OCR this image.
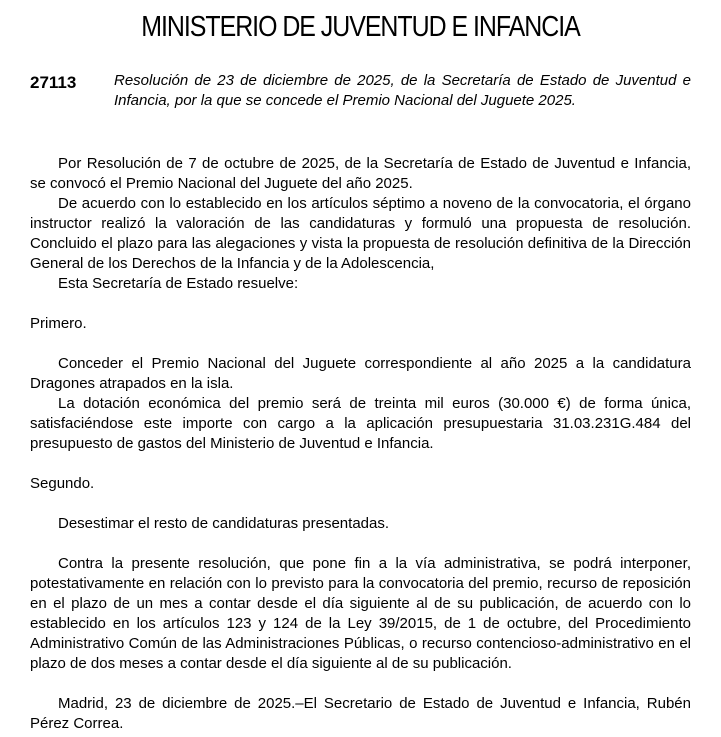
MINISTERIO DE JUVENTUD E INFANCIA
27113	Resolución de 23 de diciembre de 2025, de la Secretaría de Estado de Juventud e Infancia, por la que se concede el Premio Nacional del Juguete 2025.

Por Resolución de 7 de octubre de 2025, de la Secretaría de Estado de Juventud e Infancia, se convocó el Premio Nacional del Juguete del año 2025.

De acuerdo con lo establecido en los artículos séptimo a noveno de la convocatoria, el órgano instructor realizó la valoración de las candidaturas y formuló una propuesta de resolución. Concluido el plazo para las alegaciones y vista la propuesta de resolución definitiva de la Dirección General de los Derechos de la Infancia y de la Adolescencia,

Esta Secretaría de Estado resuelve:

Primero.

Conceder el Premio Nacional del Juguete correspondiente al año 2025 a la candidatura Dragones atrapados en la isla.

La dotación económica del premio será de treinta mil euros (30.000 €) de forma única, satisfaciéndose este importe con cargo a la aplicación presupuestaria 31.03.231G.484 del presupuesto de gastos del Ministerio de Juventud e Infancia.

Segundo.

Desestimar el resto de candidaturas presentadas.

Contra la presente resolución, que pone fin a la vía administrativa, se podrá interponer, potestativamente en relación con lo previsto para la convocatoria del premio, recurso de reposición en el plazo de un mes a contar desde el día siguiente al de su publicación, de acuerdo con lo establecido en los artículos 123 y 124 de la Ley 39/2015, de 1 de octubre, del Procedimiento Administrativo Común de las Administraciones Públicas, o recurso contencioso-administrativo en el plazo de dos meses a contar desde el día siguiente al de su publicación.

Madrid, 23 de diciembre de 2025.–El Secretario de Estado de Juventud e Infancia, Rubén Pérez Correa.
